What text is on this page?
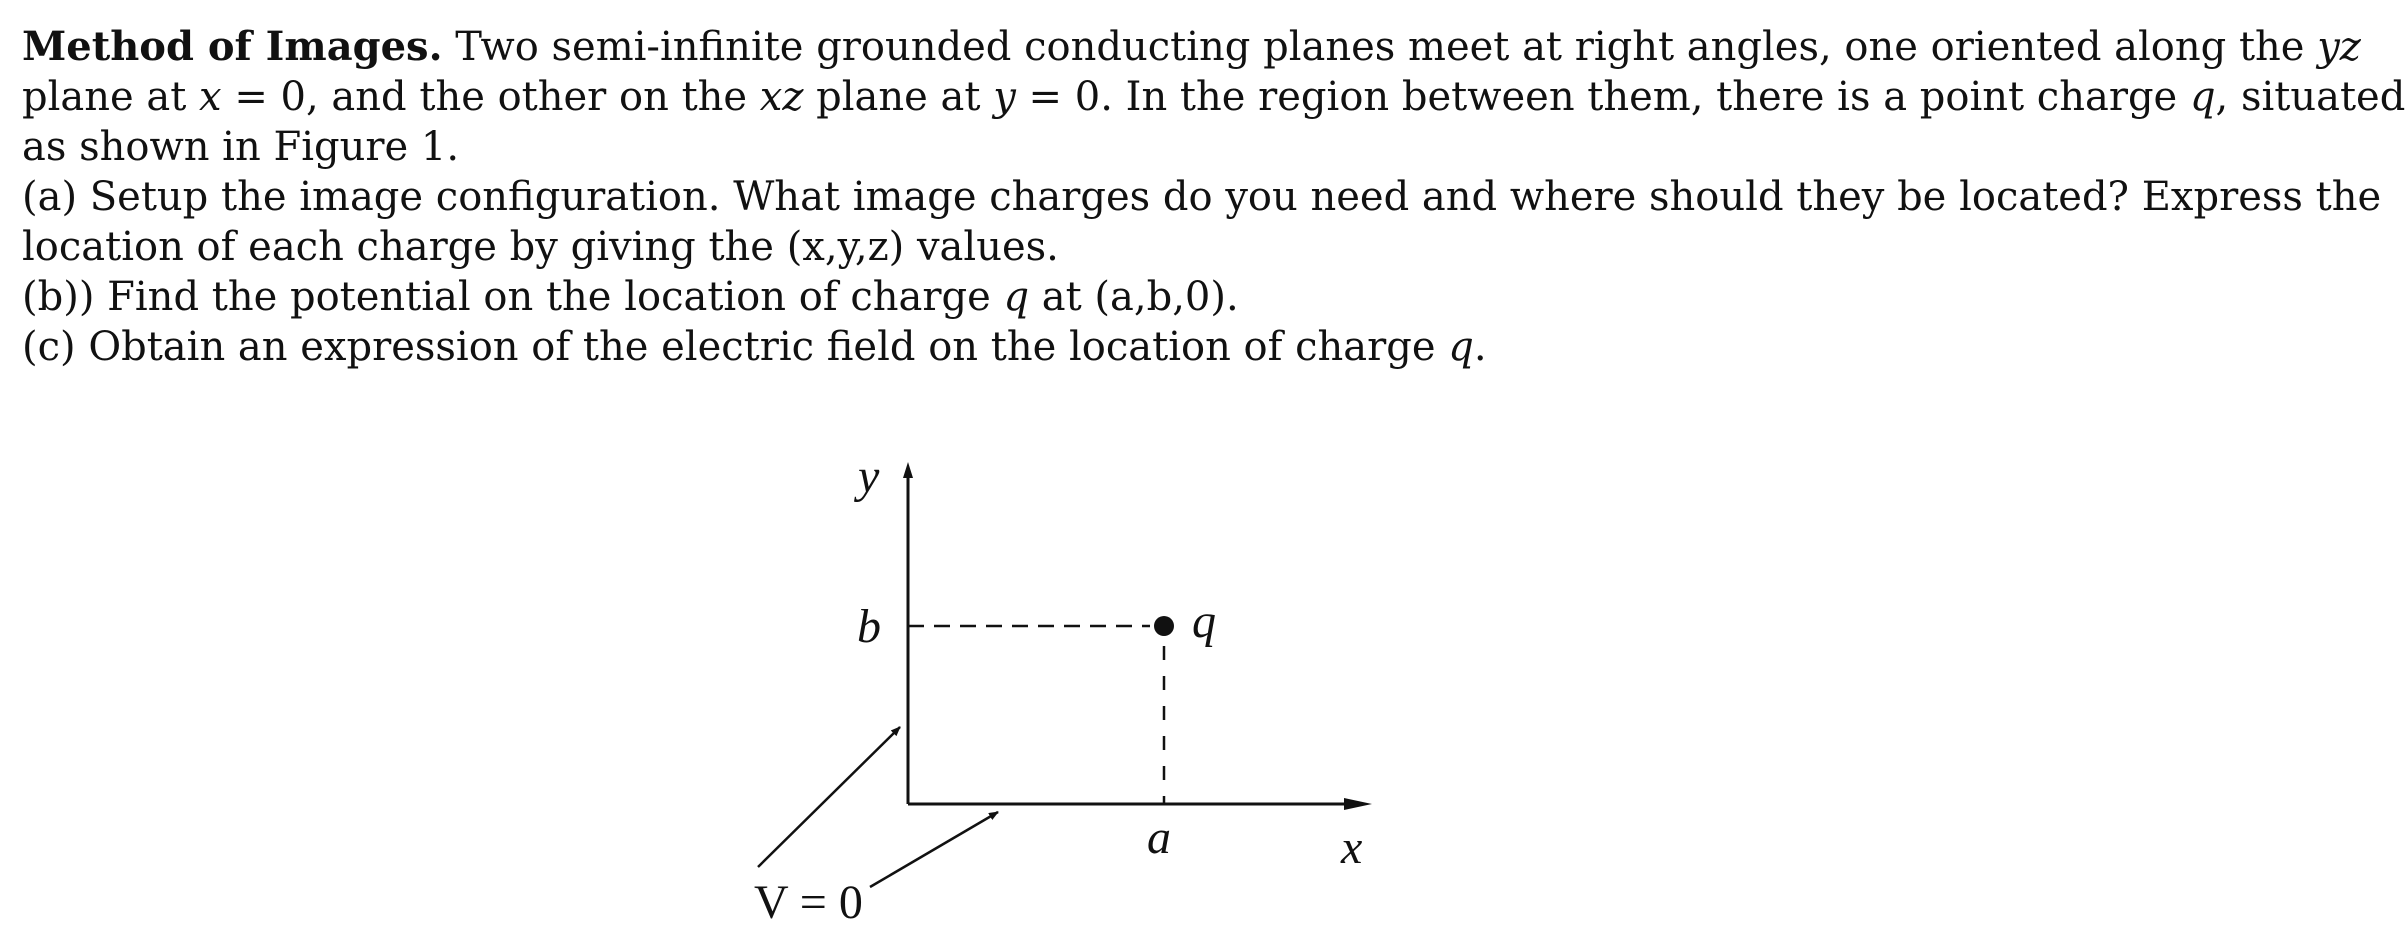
Method of Images. Two semi-infinite grounded conducting planes meet at right angles, one oriented along the yz
plane at x = 0, and the other on the xz plane at y = 0. In the region between them, there is a point charge q, situated
as shown in Figure 1.
(a) Setup the image configuration. What image charges do you need and where should they be located? Express the
location of each charge by giving the (x,y,z) values.
(b)) Find the potential on the location of charge q at (a,b,0).
(c) Obtain an expression of the electric field on the location of charge q.
y
b	q
a	x
V = 0
